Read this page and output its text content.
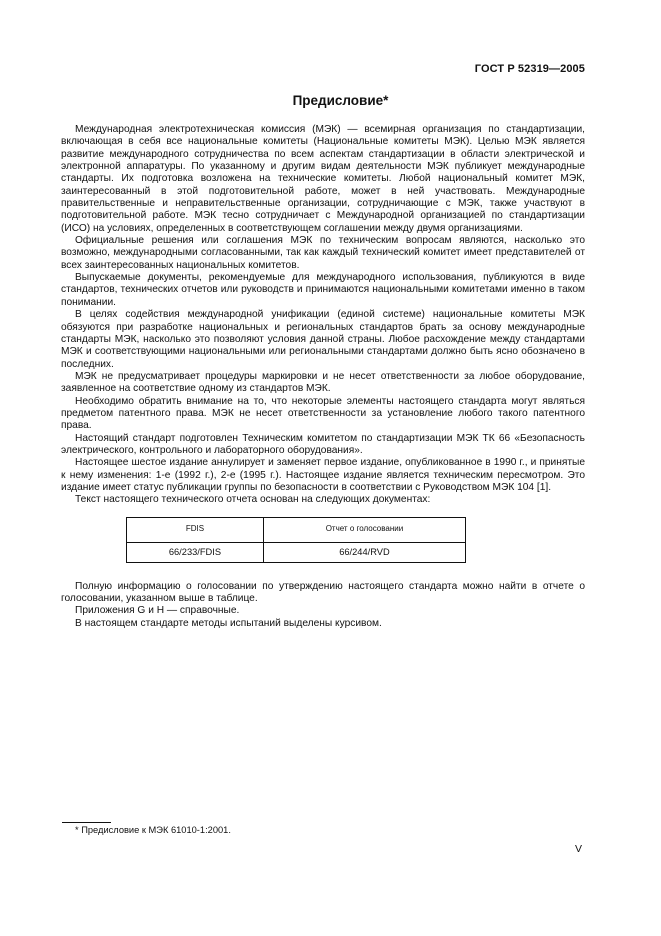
ГОСТ Р 52319—2005
Предисловие*

Международная электротехническая комиссия (МЭК) — всемирная организация по стандартизации, включающая в себя все национальные комитеты (Национальные комитеты МЭК). Целью МЭК является развитие международного сотрудничества по всем аспектам стандартизации в области электрической и электронной аппаратуры. По указанному и другим видам деятельности МЭК публикует международные стандарты. Их подготовка возложена на технические комитеты. Любой национальный комитет МЭК, заинтересованный в этой подготовительной работе, может в ней участвовать. Международные правительственные и неправительственные организации, сотрудничающие с МЭК, также участвуют в подготовительной работе. МЭК тесно сотрудничает с Международной организацией по стандартизации (ИСО) на условиях, определенных в соответствующем соглашении между двумя организациями.

Официальные решения или соглашения МЭК по техническим вопросам являются, насколько это возможно, международными согласованными, так как каждый технический комитет имеет представителей от всех заинтересованных национальных комитетов.

Выпускаемые документы, рекомендуемые для международного использования, публикуются в виде стандартов, технических отчетов или руководств и принимаются национальными комитетами именно в таком понимании.

В целях содействия международной унификации (единой системе) национальные комитеты МЭК обязуются при разработке национальных и региональных стандартов брать за основу международные стандарты МЭК, насколько это позволяют условия данной страны. Любое расхождение между стандартами МЭК и соответствующими национальными или региональными стандартами должно быть ясно обозначено в последних.

МЭК не предусматривает процедуры маркировки и не несет ответственности за любое оборудование, заявленное на соответствие одному из стандартов МЭК.

Необходимо обратить внимание на то, что некоторые элементы настоящего стандарта могут являться предметом патентного права. МЭК не несет ответственности за установление любого такого патентного права.

Настоящий стандарт подготовлен Техническим комитетом по стандартизации МЭК ТК 66 «Безопасность электрического, контрольного и лабораторного оборудования».

Настоящее шестое издание аннулирует и заменяет первое издание, опубликованное в 1990 г., и принятые к нему изменения: 1-е (1992 г.), 2-е (1995 г.). Настоящее издание является техническим пересмотром. Это издание имеет статус публикации группы по безопасности в соответствии с Руководством МЭК 104 [1].

Текст настоящего технического отчета основан на следующих документах:

FDIS	Отчет о голосовании
66/233/FDIS	66/244/RVD

Полную информацию о голосовании по утверждению настоящего стандарта можно найти в отчете о голосовании, указанном выше в таблице.

Приложения G и H — справочные.

В настоящем стандарте методы испытаний выделены курсивом.

* Предисловие к МЭК 61010-1:2001.
V
